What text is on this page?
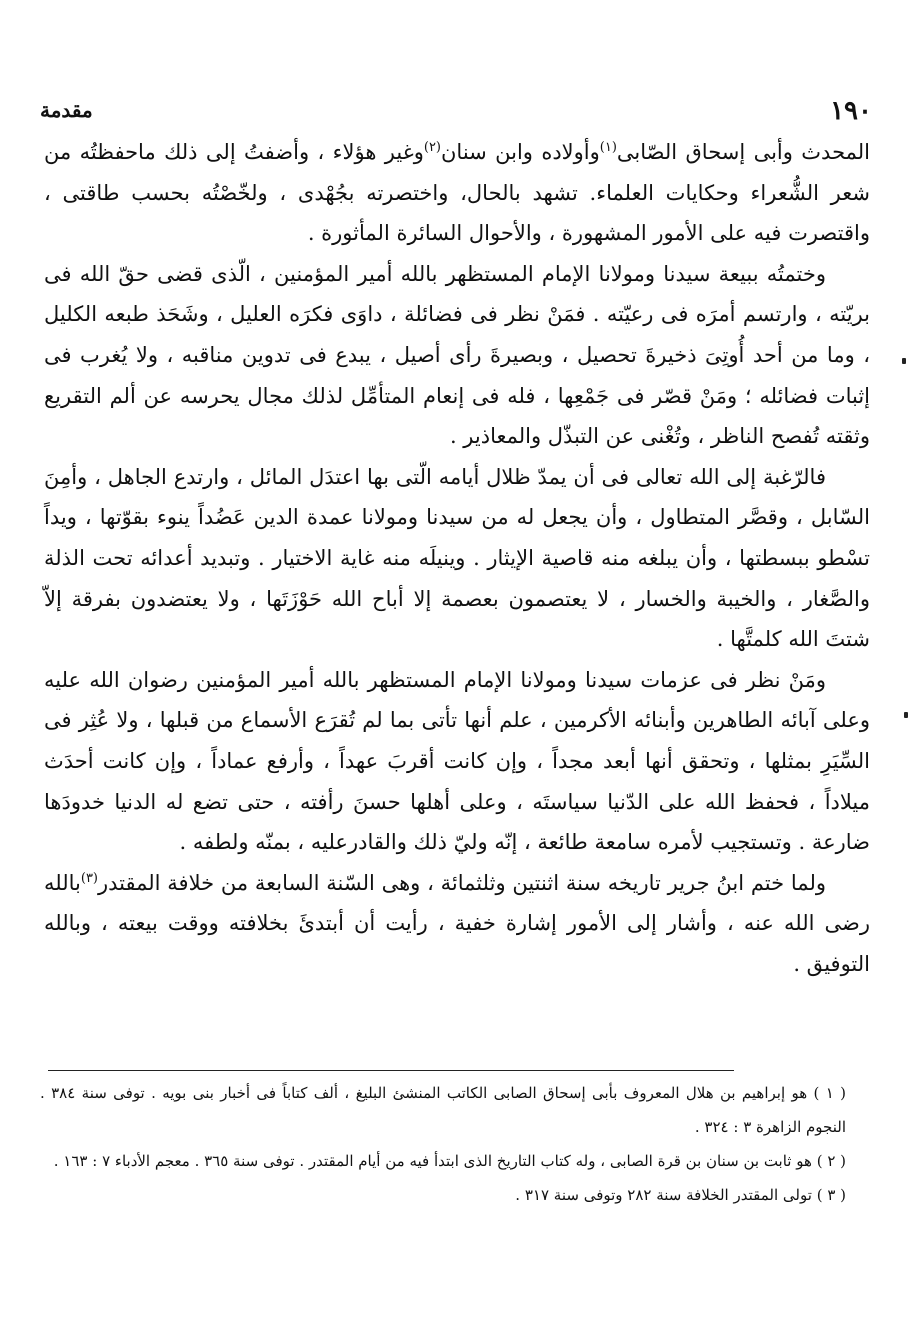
١٩٠
مقدمة

المحدث وأبى إسحاق الصّابى$^{(١)}$وأولاده وابن سنان$^{(٢)}$وغير هؤلاء ، وأضفتُ إلى ذلك ماحفظتُه من شعر الشُّعراء وحكايات العلماء. تشهد بالحال، واختصرته بجُهْدى ، ولخّصْتُه بحسب طاقتى ، واقتصرت فيه على الأمور المشهورة ، والأحوال السائرة المأثورة .

وختمتُه ببيعة سيدنا ومولانا الإمام المستظهر بالله أمير المؤمنين ، الّذى قضى حقّ الله فى بريّته ، وارتسم أمرَه فى رعيّته . فمَنْ نظر فى فضائلة ، داوَى فكرَه العليل ، وشَحَذ طبعه الكليل ، وما من أحد أُوتِىَ ذخيرةَ تحصيل ، وبصيرةَ رأى أصيل ، يبدع فى تدوين مناقبه ، ولا يُغرب فى إثبات فضائله ؛ ومَنْ قصّر فى جَمْعِها ، فله فى إنعام المتأمِّل لذلك مجال يحرسه عن ألم التقريع وثقته تُفصح الناظر ، وتُغْنى عن التبذّل والمعاذير .

فالرّغبة إلى الله تعالى فى أن يمدّ ظلال أيامه الّتى بها اعتدَل المائل ، وارتدع الجاهل ، وأمِنَ السّابل ، وقصَّر المتطاول ، وأن يجعل له من سيدنا ومولانا عمدة الدين عَضُداً ينوء بقوّتها ، ويداً تسْطو ببسطتها ، وأن يبلغه منه قاصية الإيثار . وينيلَه منه غاية الاختيار . وتبديد أعدائه تحت الذلة والصَّغار ، والخيبة والخسار ، لا يعتصمون بعصمة إلا أباح الله حَوْزَتَها ، ولا يعتضدون بفرقة إلاّ شتتَ الله كلمتَّها .

ومَنْ نظر فى عزمات سيدنا ومولانا الإمام المستظهر بالله أمير المؤمنين رضوان الله عليه وعلى آبائه الطاهرين وأبنائه الأكرمين ، علم أنها تأتى بما لم تُقرَع الأسماع من قبلها ، ولا عُثِر فى السِّيَرِ بمثلها ، وتحقق أنها أبعد مجداً ، وإن كانت أقربَ عهداً ، وأرفع عماداً ، وإن كانت أحدَث ميلاداً ، فحفظ الله على الدّنيا سياستَه ، وعلى أهلها حسنَ رأفته ، حتى تضع له الدنيا خدودَها ضارعة . وتستجيب لأمره سامعة طائعة ، إنّه وليّ ذلك والقادرعليه ، بمنّه ولطفه .

ولما ختم ابنُ جرير تاريخه سنة اثنتين وثلثمائة ، وهى السّنة السابعة من خلافة المقتدر$^{(٣)}$بالله رضى الله عنه ، وأشار إلى الأمور إشارة خفية ، رأيت أن أبتدئَ بخلافته ووقت بيعته ، وبالله التوفيق .

( ١ ) هو إبراهيم بن هلال المعروف بأبى إسحاق الصابى الكاتب المنشئ البليغ ، ألف كتاباً فى أخبار بنى بويه . توفى سنة ٣٨٤ . النجوم الزاهرة ٣ : ٣٢٤ .

( ٢ ) هو ثابت بن سنان بن قرة الصابى ، وله كتاب التاريخ الذى ابتدأ فيه من أيام المقتدر . توفى سنة ٣٦٥ . معجم الأدباء ٧ : ١٦٣ .

( ٣ ) تولى المقتدر الخلافة سنة ٢٨٢ وتوفى سنة ٣١٧ .
